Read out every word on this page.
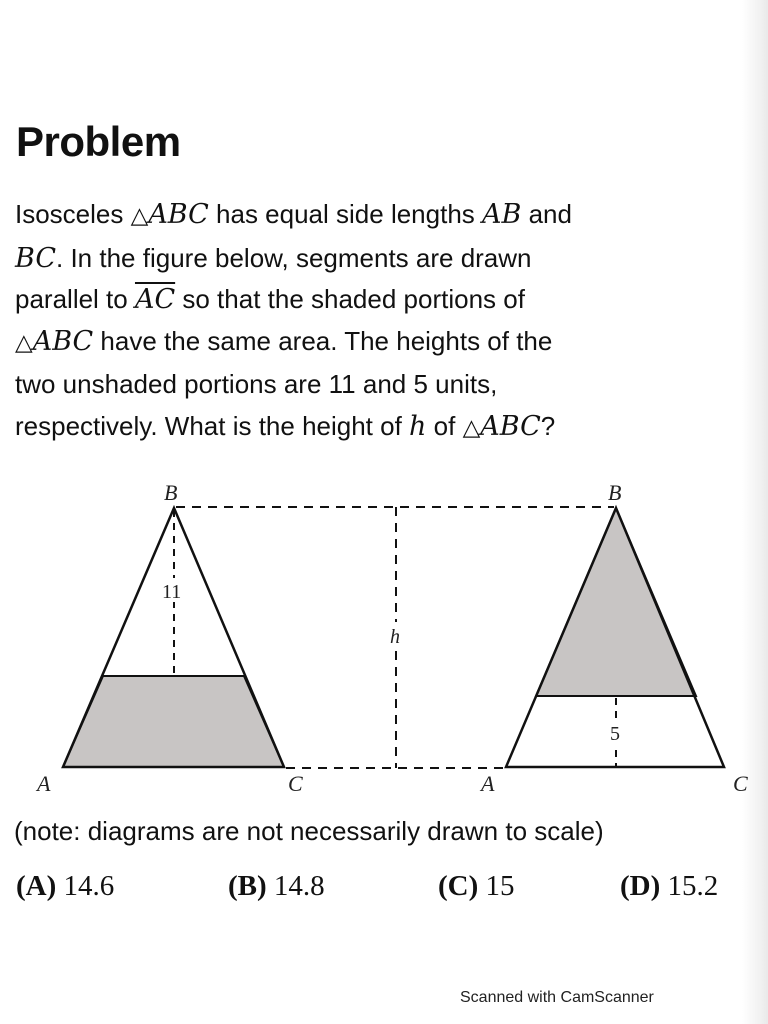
Problem
Isosceles △ABC has equal side lengths AB and
BC. In the figure below, segments are drawn
parallel to $\overline{AC}$ so that the shaded portions of
△ABC have the same area. The heights of the
two unshaded portions are 11 and 5 units,
respectively. What is the height of h of △ABC?
B
A	C
11
h
B
A	C
5
(note: diagrams are not necessarily drawn to scale)
(A) 14.6	(B) 14.8	(C) 15	(D) 15.2
Scanned with CamScanner
